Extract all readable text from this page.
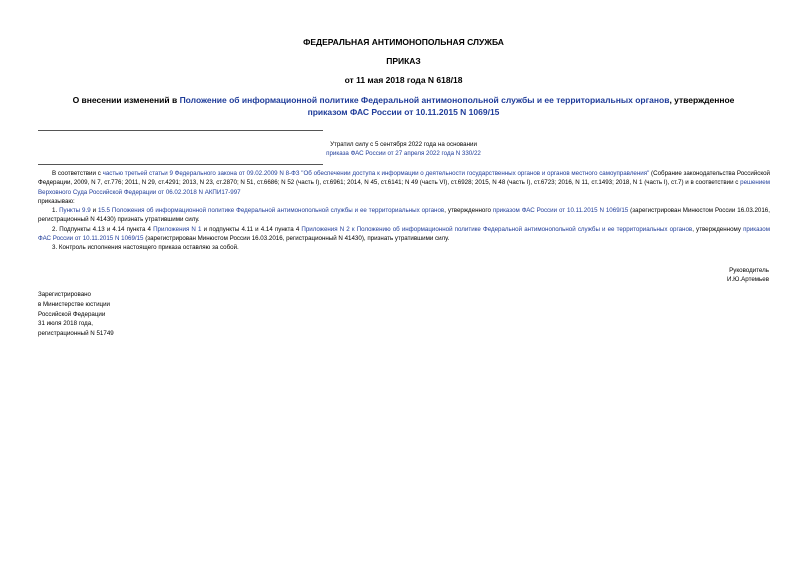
ФЕДЕРАЛЬНАЯ АНТИМОНОПОЛЬНАЯ СЛУЖБА
ПРИКАЗ
от 11 мая 2018 года N 618/18
О внесении изменений в Положение об информационной политике Федеральной антимонопольной службы и ее территориальных органов, утвержденное
приказом ФАС России от 10.11.2015 N 1069/15
Утратил силу с 5 сентября 2022 года на основании
приказа ФАС России от 27 апреля 2022 года N 330/22

В соответствии с частью третьей статьи 9 Федерального закона от 09.02.2009 N 8-ФЗ "Об обеспечении доступа к информации о деятельности государственных органов и органов местного самоуправления" (Собрание законодательства Российской Федерации, 2009, N 7, ст.776; 2011, N 29, ст.4291; 2013, N 23, ст.2870; N 51, ст.6686; N 52 (часть I), ст.6961; 2014, N 45, ст.6141; N 49 (часть VI), ст.6928; 2015, N 48 (часть I), ст.6723; 2016, N 11, ст.1493; 2018, N 1 (часть I), ст.7) и в соответствии с решением Верховного Суда Российской Федерации от 06.02.2018 N АКПИ17-997

приказываю:

1. Пункты 9.9 и 15.5 Положения об информационной политике Федеральной антимонопольной службы и ее территориальных органов, утвержденного приказом ФАС России от 10.11.2015 N 1069/15 (зарегистрирован Минюстом России 16.03.2016, регистрационный N 41430) признать утратившими силу.

2. Подпункты 4.13 и 4.14 пункта 4 Приложения N 1 и подпункты 4.11 и 4.14 пункта 4 Приложения N 2 к Положению об информационной политике Федеральной антимонопольной службы и ее территориальных органов, утвержденному приказом ФАС России от 10.11.2015 N 1069/15 (зарегистрирован Минюстом России 16.03.2016, регистрационный N 41430), признать утратившими силу.

3. Контроль исполнения настоящего приказа оставляю за собой.

Руководитель
И.Ю.Артемьев
Зарегистрировано
в Министерстве юстиции
Российской Федерации
31 июля 2018 года,
регистрационный N 51749
